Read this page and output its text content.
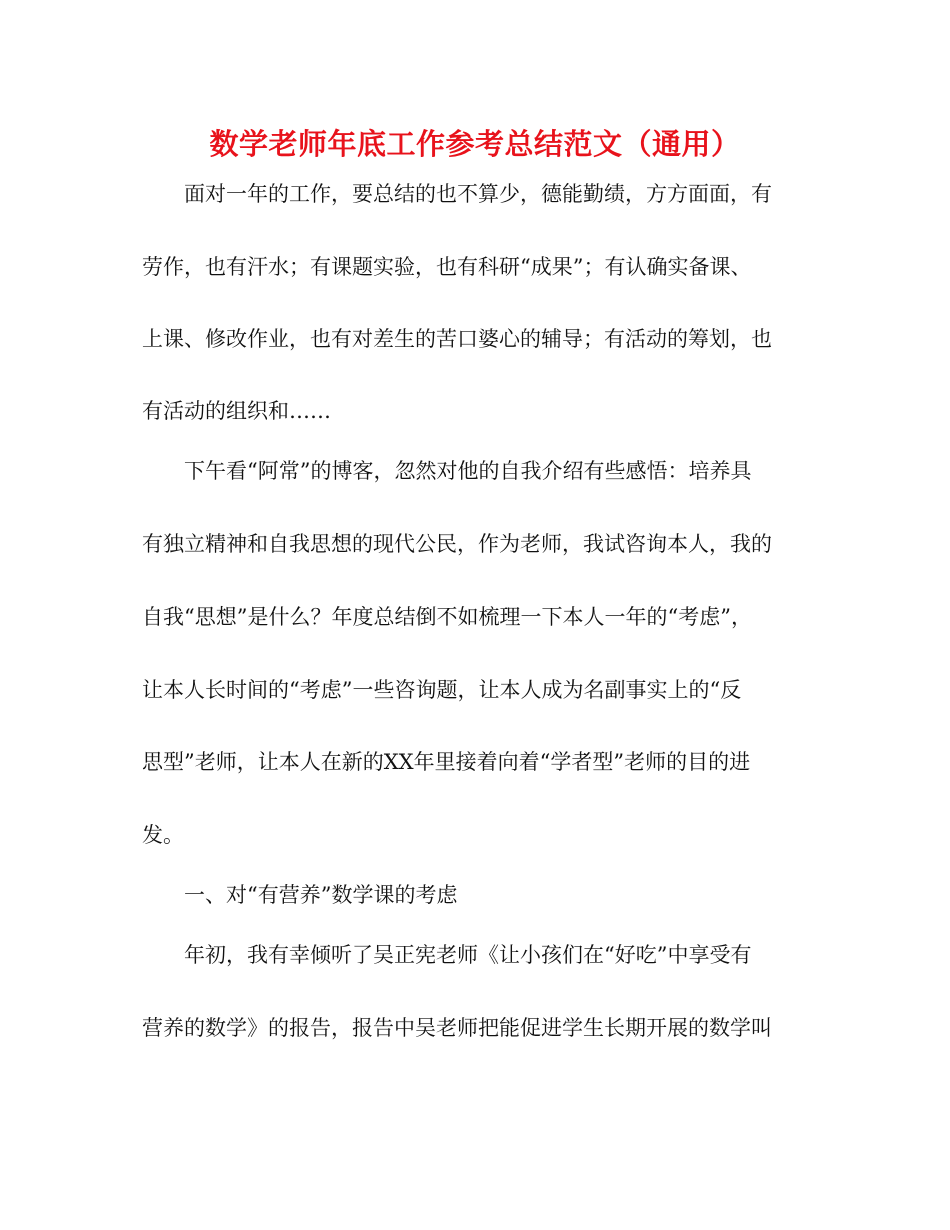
数学老师年底工作参考总结范文（通用）
面对一年的工作，要总结的也不算少，德能勤绩，方方面面，有
劳作，也有汗水；有课题实验，也有科研“成果”；有认确实备课、
上课、修改作业，也有对差生的苦口婆心的辅导；有活动的筹划，也
有活动的组织和……
下午看“阿常”的博客，忽然对他的自我介绍有些感悟：培养具
有独立精神和自我思想的现代公民，作为老师，我试咨询本人，我的
自我“思想”是什么？年度总结倒不如梳理一下本人一年的“考虑”，
让本人长时间的“考虑”一些咨询题，让本人成为名副事实上的“反
思型”老师，让本人在新的XX年里接着向着“学者型”老师的目的进
发。
一、对“有营养”数学课的考虑
年初，我有幸倾听了吴正宪老师《让小孩们在“好吃”中享受有
营养的数学》的报告，报告中吴老师把能促进学生长期开展的数学叫
